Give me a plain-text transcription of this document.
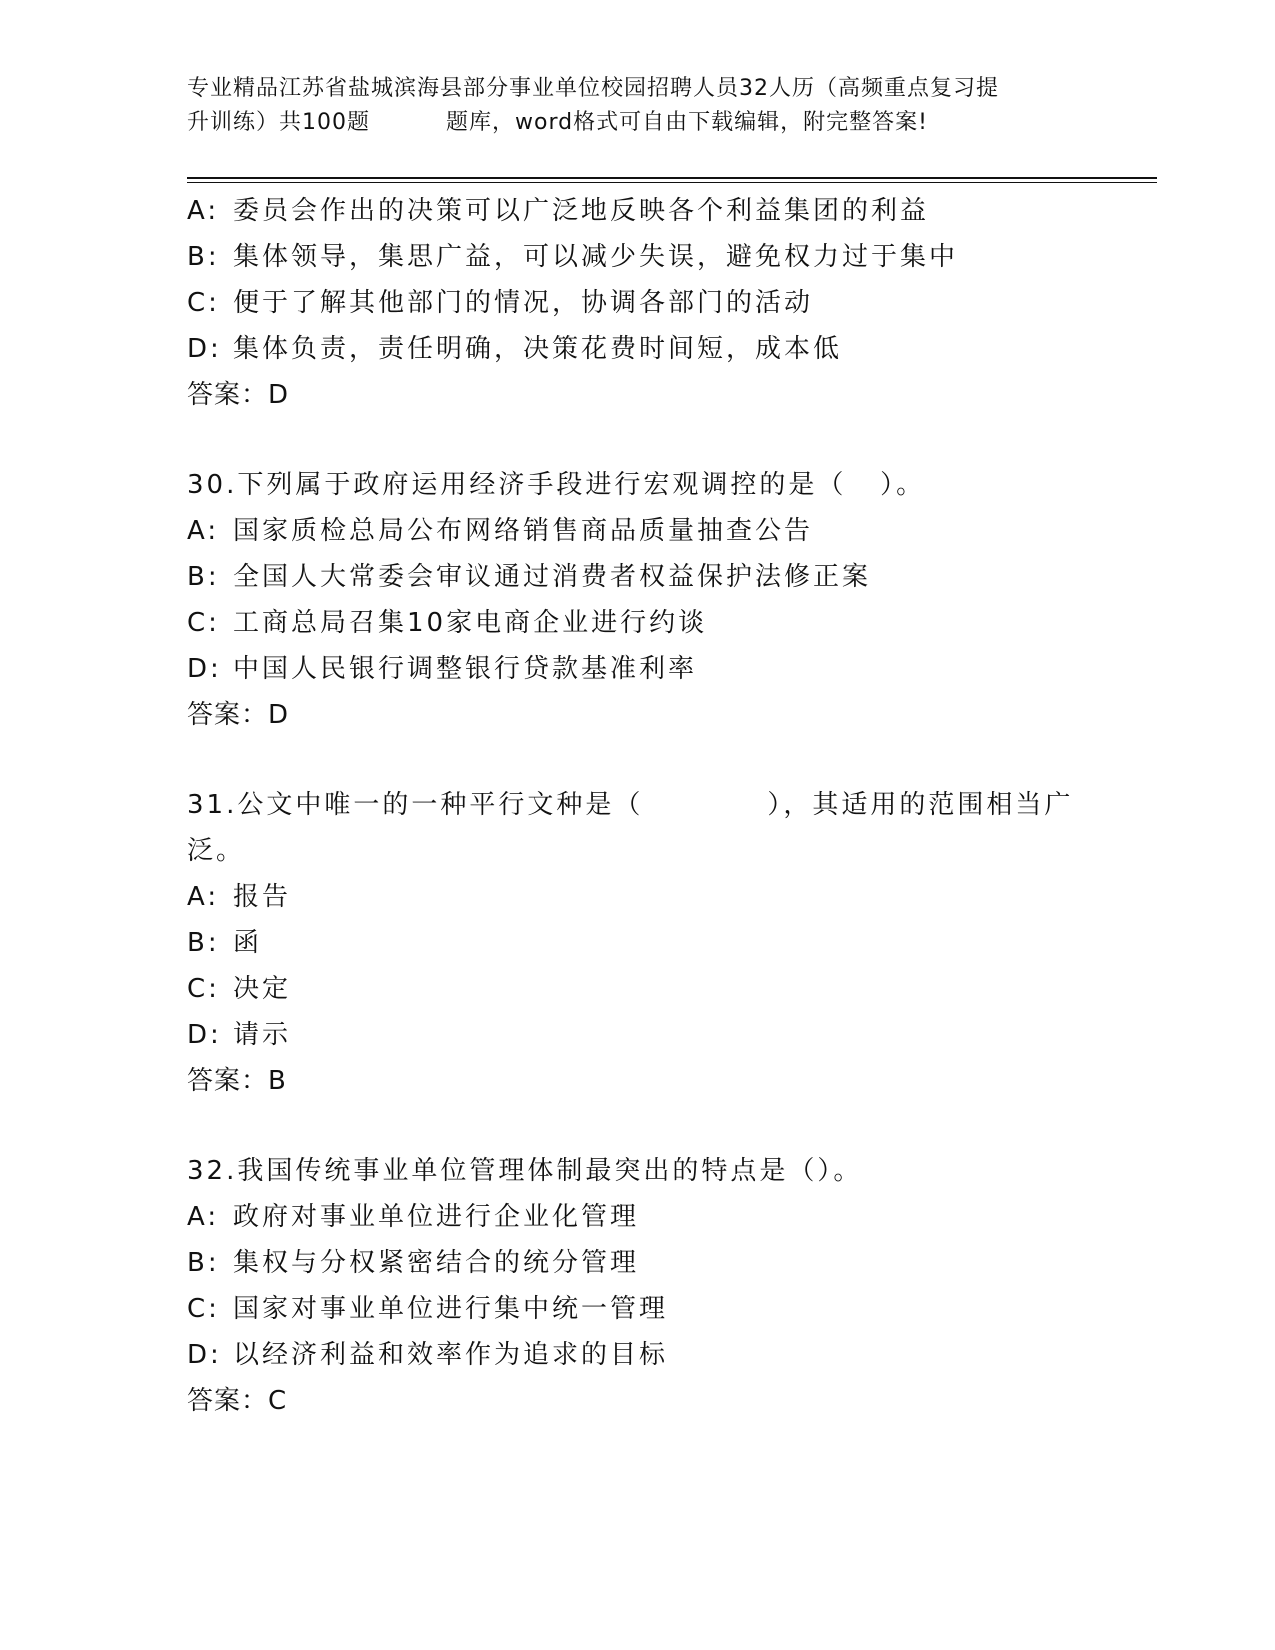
专业精品江苏省盐城滨海县部分事业单位校园招聘人员32人历（高频重点复习提
升训练）共100题	题库，word格式可自由下载编辑，附完整答案!
A: 委员会作出的决策可以广泛地反映各个利益集团的利益
B: 集体领导，集思广益，可以减少失误，避免权力过于集中
C: 便于了解其他部门的情况，协调各部门的活动
D: 集体负责，责任明确，决策花费时间短，成本低
答案：D
30.下列属于政府运用经济手段进行宏观调控的是（   ）。
A: 国家质检总局公布网络销售商品质量抽查公告
B: 全国人大常委会审议通过消费者权益保护法修正案
C: 工商总局召集10家电商企业进行约谈
D: 中国人民银行调整银行贷款基准利率
答案：D
31.公文中唯一的一种平行文种是（	），其适用的范围相当广泛。
A: 报告
B: 函
C: 决定
D: 请示
答案：B
32.我国传统事业单位管理体制最突出的特点是（）。
A: 政府对事业单位进行企业化管理
B: 集权与分权紧密结合的统分管理
C: 国家对事业单位进行集中统一管理
D: 以经济利益和效率作为追求的目标
答案：C
